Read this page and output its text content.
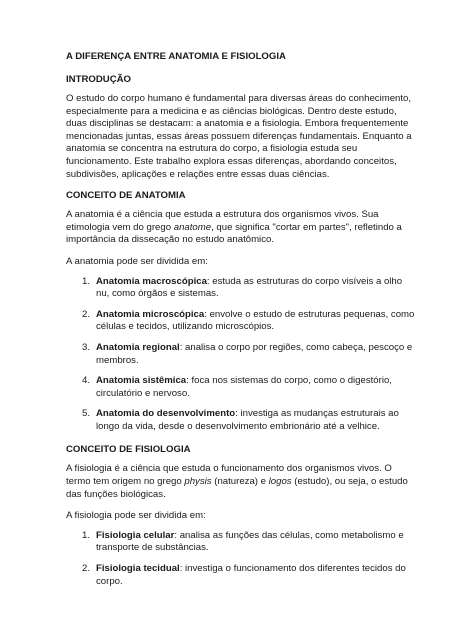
A DIFERENÇA ENTRE ANATOMIA E FISIOLOGIA

INTRODUÇÃO

O estudo do corpo humano é fundamental para diversas áreas do conhecimento, especialmente para a medicina e as ciências biológicas. Dentro deste estudo, duas disciplinas se destacam: a anatomia e a fisiologia. Embora frequentemente mencionadas juntas, essas áreas possuem diferenças fundamentais. Enquanto a anatomia se concentra na estrutura do corpo, a fisiologia estuda seu funcionamento. Este trabalho explora essas diferenças, abordando conceitos, subdivisões, aplicações e relações entre essas duas ciências.

CONCEITO DE ANATOMIA

A anatomia é a ciência que estuda a estrutura dos organismos vivos. Sua etimologia vem do grego anatome, que significa "cortar em partes", refletindo a importância da dissecação no estudo anatômico.

A anatomia pode ser dividida em:

1. Anatomia macroscópica: estuda as estruturas do corpo visíveis a olho nu, como órgãos e sistemas.
2. Anatomia microscópica: envolve o estudo de estruturas pequenas, como células e tecidos, utilizando microscópios.
3. Anatomia regional: analisa o corpo por regiões, como cabeça, pescoço e membros.
4. Anatomia sistêmica: foca nos sistemas do corpo, como o digestório, circulatório e nervoso.
5. Anatomia do desenvolvimento: investiga as mudanças estruturais ao longo da vida, desde o desenvolvimento embrionário até a velhice.

CONCEITO DE FISIOLOGIA

A fisiologia é a ciência que estuda o funcionamento dos organismos vivos. O termo tem origem no grego physis (natureza) e logos (estudo), ou seja, o estudo das funções biológicas.

A fisiologia pode ser dividida em:

1. Fisiologia celular: analisa as funções das células, como metabolismo e transporte de substâncias.
2. Fisiologia tecidual: investiga o funcionamento dos diferentes tecidos do corpo.
